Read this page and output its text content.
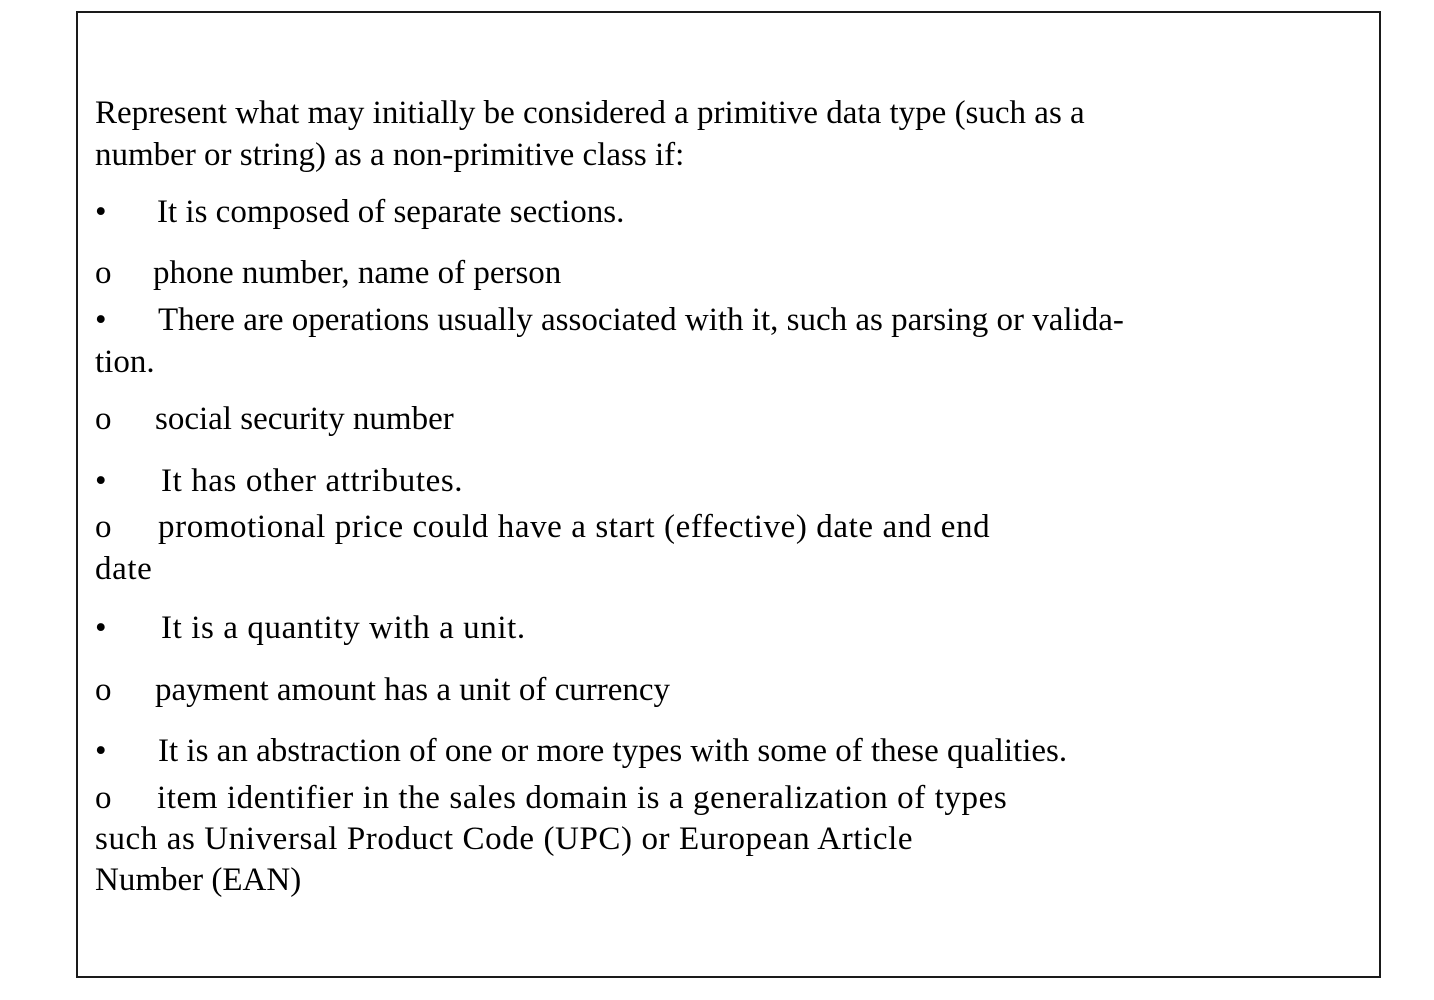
Represent what may initially be considered a primitive data type (such as a
number or string) as a non-primitive class if:
• It is composed of separate sections.
o phone number, name of person
• There are operations usually associated with it, such as parsing or valida-
tion.
o social security number
• It has other attributes.
o promotional price could have a start (effective) date and end
date
• It is a quantity with a unit.
o payment amount has a unit of currency
• It is an abstraction of one or more types with some of these qualities.
o item identifier in the sales domain is a generalization of types
such as Universal Product Code (UPC) or European Article
Number (EAN)
